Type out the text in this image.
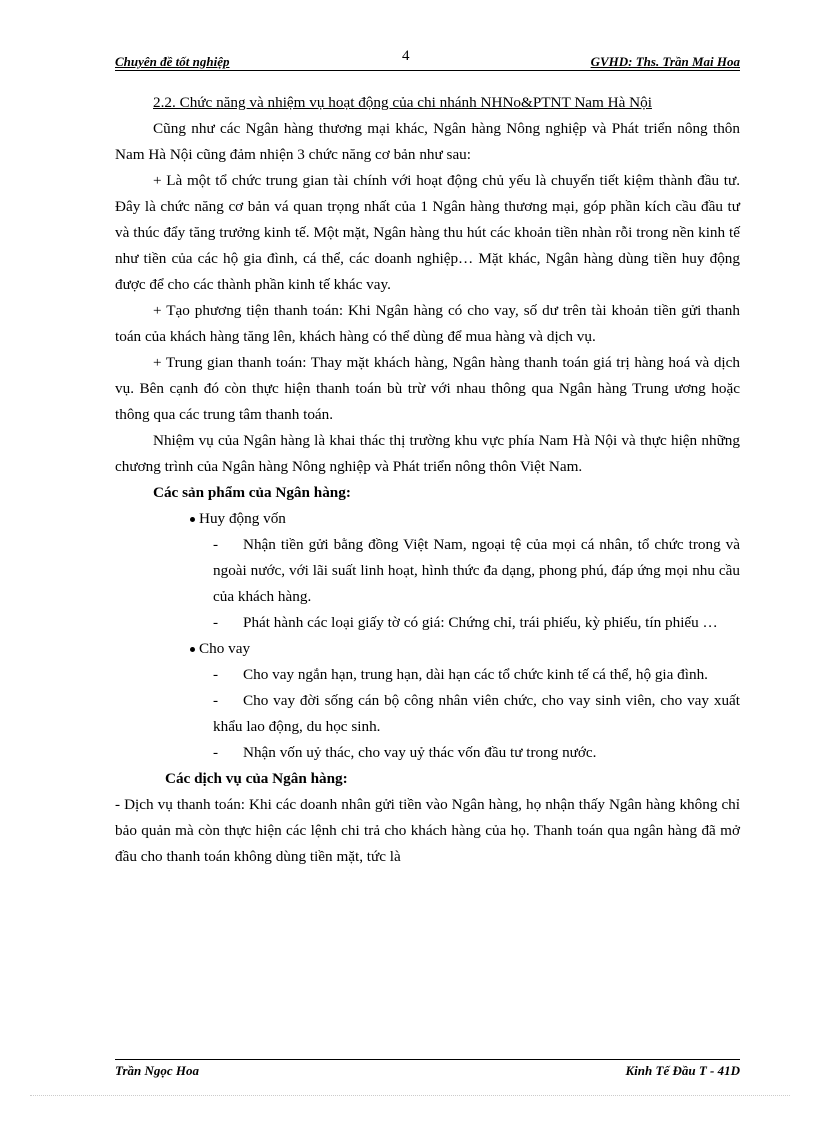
Chuyên đề tốt nghiệp	4	GVHD: Ths. Trần Mai Hoa

2.2. Chức năng và nhiệm vụ hoạt động của chi nhánh NHNo&PTNT Nam Hà Nội

Cũng như các Ngân hàng thương mại khác, Ngân hàng Nông nghiệp và Phát triển nông thôn Nam Hà Nội cũng đảm nhiện 3 chức năng cơ bản như sau:

+ Là một tổ chức trung gian tài chính với hoạt động chủ yếu là chuyển tiết kiệm thành đầu tư. Đây là chức năng cơ bản vá quan trọng nhất của 1 Ngân hàng thương mại, góp phần kích cầu đầu tư và thúc đẩy tăng trưởng kinh tế. Một mặt, Ngân hàng thu hút các khoản tiền nhàn rỗi trong nền kinh tế như tiền của các hộ gia đình, cá thể, các doanh nghiệp… Mặt khác, Ngân hàng dùng tiền huy động được để cho các thành phần kinh tế khác vay.

+ Tạo phương tiện thanh toán: Khi Ngân hàng có cho vay, số dư trên tài khoản tiền gửi thanh toán của khách hàng tăng lên, khách hàng có thể dùng để mua hàng và dịch vụ.

+ Trung gian thanh toán: Thay mặt khách hàng, Ngân hàng thanh toán giá trị hàng hoá và dịch vụ. Bên cạnh đó còn thực hiện thanh toán bù trừ với nhau thông qua Ngân hàng Trung ương hoặc thông qua các trung tâm thanh toán.

Nhiệm vụ của Ngân hàng là khai thác thị trường khu vực phía Nam Hà Nội và thực hiện những chương trình của Ngân hàng Nông nghiệp và Phát triển nông thôn Việt Nam.

Các sản phẩm của Ngân hàng:

Huy động vốn

- Nhận tiền gửi bằng đồng Việt Nam, ngoại tệ của mọi cá nhân, tổ chức trong và ngoài nước, với lãi suất linh hoạt, hình thức đa dạng, phong phú, đáp ứng mọi nhu cầu của khách hàng.

- Phát hành các loại giấy tờ có giá: Chứng chỉ, trái phiếu, kỳ phiếu, tín phiếu …

Cho vay

- Cho vay ngắn hạn, trung hạn, dài hạn các tổ chức kinh tế cá thể, hộ gia đình.

- Cho vay đời sống cán bộ công nhân viên chức, cho vay sinh viên, cho vay xuất khẩu lao động, du học sinh.

- Nhận vốn uỷ thác, cho vay uỷ thác vốn đầu tư trong nước.

Các dịch vụ của Ngân hàng:

- Dịch vụ thanh toán: Khi các doanh nhân gửi tiền vào Ngân hàng, họ nhận thấy Ngân hàng không chỉ bảo quản mà còn thực hiện các lệnh chi trả cho khách hàng của họ. Thanh toán qua ngân hàng đã mở đầu cho thanh toán không dùng tiền mặt, tức là

Trần Ngọc Hoa	Kinh Tế Đầu T - 41D
